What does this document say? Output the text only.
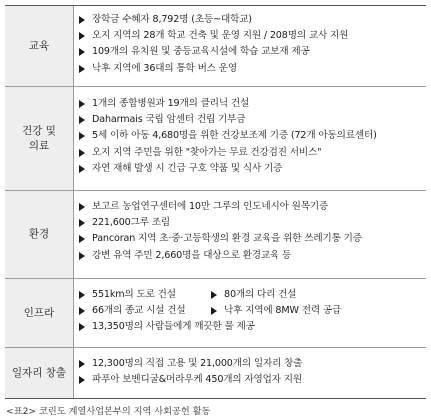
교육
장학금 수혜자 8,792명 (초등~대학교)
오지 지역의 28개 학교 건축 및 운영 지원 / 208명의 교사 지원
109개의 유치원 및 중등교육시설에 학습 교보재 제공
낙후 지역에 36대의 통학 버스 운영
건강 및
의료
1개의 종합병원과 19개의 클리닉 건설
Daharmais 국립 암센터 건립 기부금
5세 이하 아동 4,680명을 위한 건강보조제 기증 (72개 아동의료센터)
오지 지역 주민을 위한 "찾아가는 무료 건강검진 서비스"
자연 재해 발생 시 긴급 구호 약품 및 식사 기증
환경
보고르 농업연구센터에 10만 그루의 인도네시아 원목기증
221,600그루 조림
Pancoran 지역 초·중·고등학생의 환경 교육을 위한 쓰레기통 기증
강변 유역 주민 2,660명을 대상으로 환경교육 등
인프라
551km의 도로 건설	80개의 다리 건설
66개의 종교 시설 건설	낙후 지역에 8MW 전력 공급
13,350명의 사람들에게 깨끗한 물 제공
일자리 창출
12,300명의 직접 고용 및 21,000개의 일자리 창출
파푸아 보벤디굴&머라우케 450개의 자영업자 지원
<표2> 코린도 계열사업본부의 지역 사회공헌 활동
